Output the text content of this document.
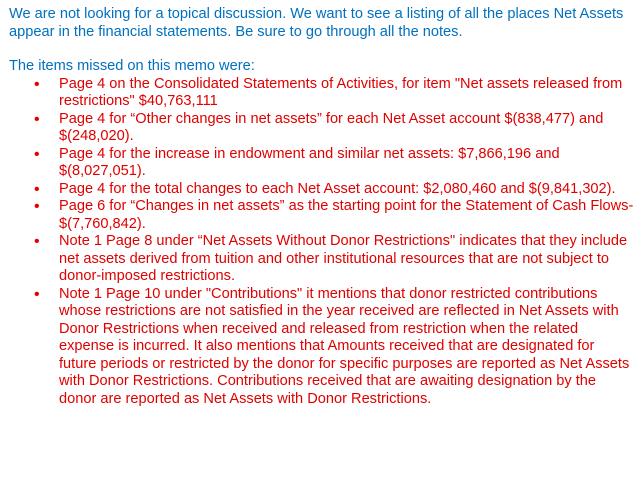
We are not looking for a topical discussion. We want to see a listing of all the places Net Assets appear in the financial statements. Be sure to go through all the notes.

The items missed on this memo were:

• Page 4 on the Consolidated Statements of Activities, for item "Net assets released from restrictions" $40,763,111
• Page 4 for “Other changes in net assets” for each Net Asset account $(838,477) and $(248,020).
• Page 4 for the increase in endowment and similar net assets: $7,866,196 and $(8,027,051).
• Page 4 for the total changes to each Net Asset account: $2,080,460 and $(9,841,302).
• Page 6 for “Changes in net assets” as the starting point for the Statement of Cash Flows- $(7,760,842).
• Note 1 Page 8 under “Net Assets Without Donor Restrictions" indicates that they include net assets derived from tuition and other institutional resources that are not subject to donor-imposed restrictions.
• Note 1 Page 10 under "Contributions" it mentions that donor restricted contributions whose restrictions are not satisfied in the year received are reflected in Net Assets with Donor Restrictions when received and released from restriction when the related expense is incurred. It also mentions that Amounts received that are designated for future periods or restricted by the donor for specific purposes are reported as Net Assets with Donor Restrictions. Contributions received that are awaiting designation by the donor are reported as Net Assets with Donor Restrictions.
